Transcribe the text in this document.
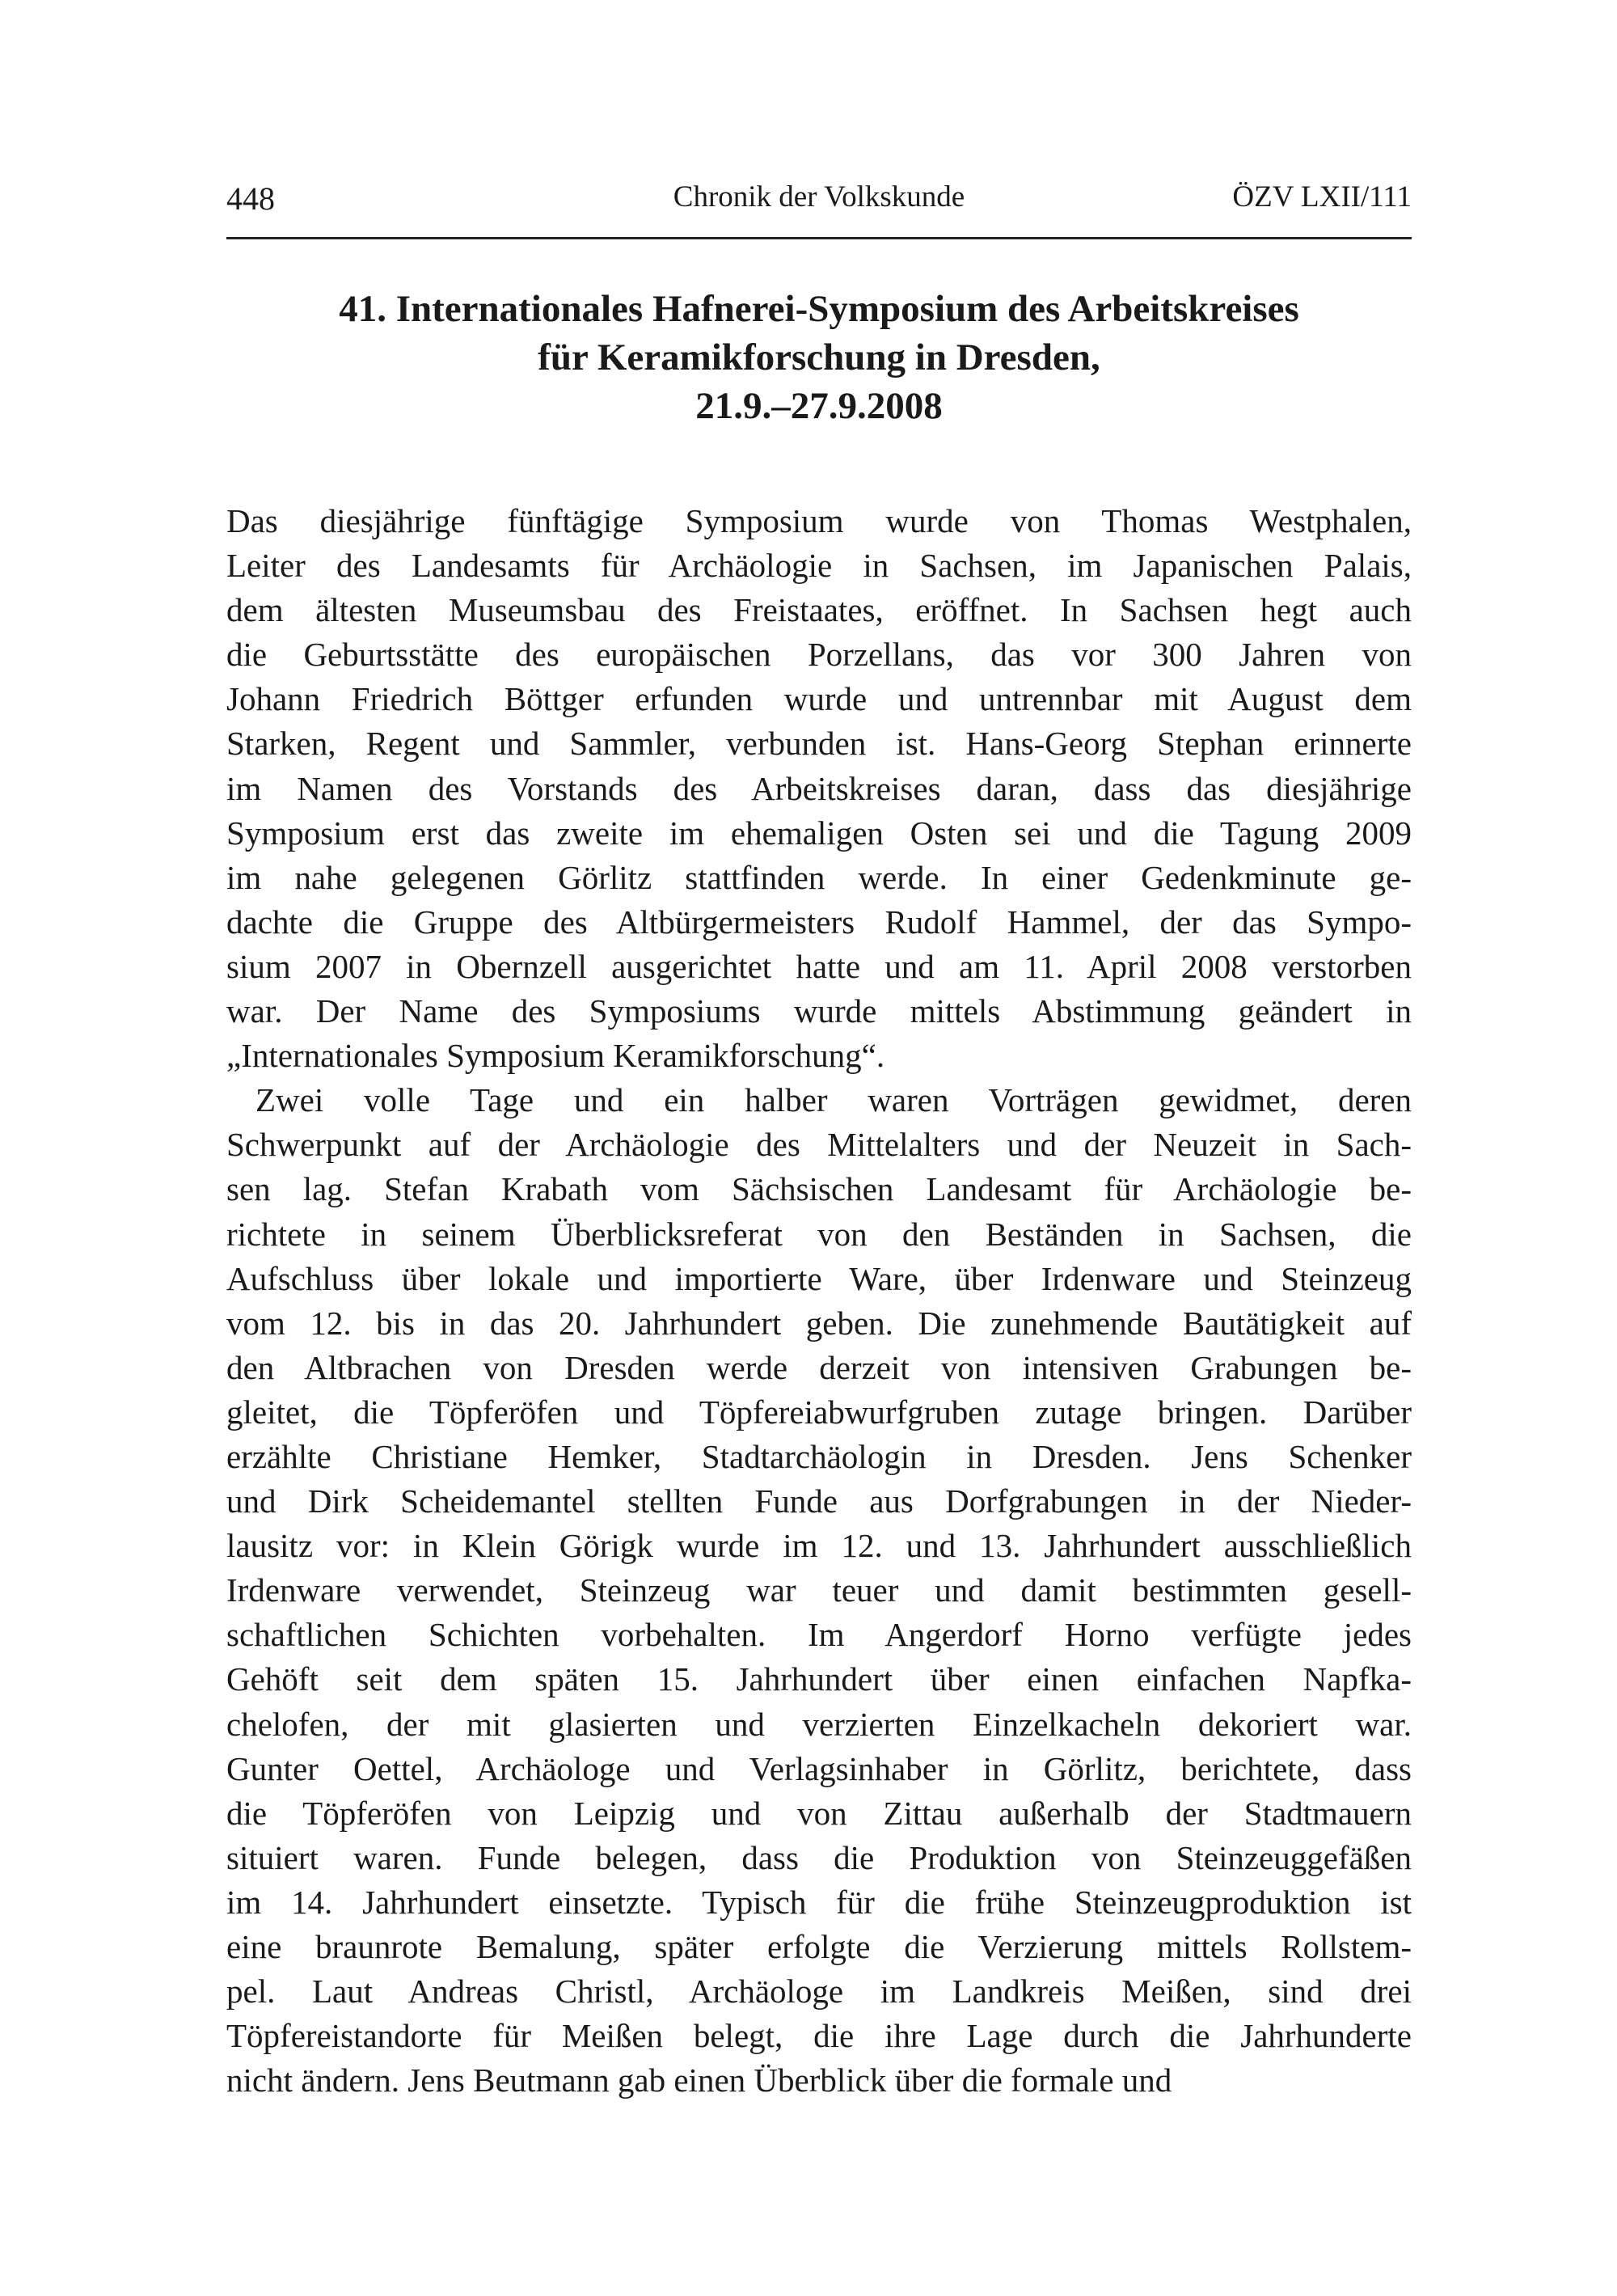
448	Chronik der Volkskunde	ÖZV LXII/111
41. Internationales Hafnerei-Symposium des Arbeitskreises
für Keramikforschung in Dresden,
21.9.–27.9.2008
Das diesjährige fünftägige Symposium wurde von Thomas Westphalen,
Leiter des Landesamts für Archäologie in Sachsen, im Japanischen Palais,
dem ältesten Museumsbau des Freistaates, eröffnet. In Sachsen hegt auch
die Geburtsstätte des europäischen Porzellans, das vor 300 Jahren von
Johann Friedrich Böttger erfunden wurde und untrennbar mit August dem
Starken, Regent und Sammler, verbunden ist. Hans-Georg Stephan erinnerte
im Namen des Vorstands des Arbeitskreises daran, dass das diesjährige
Symposium erst das zweite im ehemaligen Osten sei und die Tagung 2009
im nahe gelegenen Görlitz stattfinden werde. In einer Gedenkminute ge-
dachte die Gruppe des Altbürgermeisters Rudolf Hammel, der das Sympo-
sium 2007 in Obernzell ausgerichtet hatte und am 11. April 2008 verstorben
war. Der Name des Symposiums wurde mittels Abstimmung geändert in
„Internationales Symposium Keramikforschung“.
Zwei volle Tage und ein halber waren Vorträgen gewidmet, deren
Schwerpunkt auf der Archäologie des Mittelalters und der Neuzeit in Sach-
sen lag. Stefan Krabath vom Sächsischen Landesamt für Archäologie be-
richtete in seinem Überblicksreferat von den Beständen in Sachsen, die
Aufschluss über lokale und importierte Ware, über Irdenware und Steinzeug
vom 12. bis in das 20. Jahrhundert geben. Die zunehmende Bautätigkeit auf
den Altbrachen von Dresden werde derzeit von intensiven Grabungen be-
gleitet, die Töpferöfen und Töpfereiabwurfgruben zutage bringen. Darüber
erzählte Christiane Hemker, Stadtarchäologin in Dresden. Jens Schenker
und Dirk Scheidemantel stellten Funde aus Dorfgrabungen in der Nieder-
lausitz vor: in Klein Görigk wurde im 12. und 13. Jahrhundert ausschließlich
Irdenware verwendet, Steinzeug war teuer und damit bestimmten gesell-
schaftlichen Schichten vorbehalten. Im Angerdorf Horno verfügte jedes
Gehöft seit dem späten 15. Jahrhundert über einen einfachen Napfka-
chelofen, der mit glasierten und verzierten Einzelkacheln dekoriert war.
Gunter Oettel, Archäologe und Verlagsinhaber in Görlitz, berichtete, dass
die Töpferöfen von Leipzig und von Zittau außerhalb der Stadtmauern
situiert waren. Funde belegen, dass die Produktion von Steinzeuggefäßen
im 14. Jahrhundert einsetzte. Typisch für die frühe Steinzeugproduktion ist
eine braunrote Bemalung, später erfolgte die Verzierung mittels Rollstem-
pel. Laut Andreas Christl, Archäologe im Landkreis Meißen, sind drei
Töpfereistandorte für Meißen belegt, die ihre Lage durch die Jahrhunderte
nicht ändern. Jens Beutmann gab einen Überblick über die formale und
